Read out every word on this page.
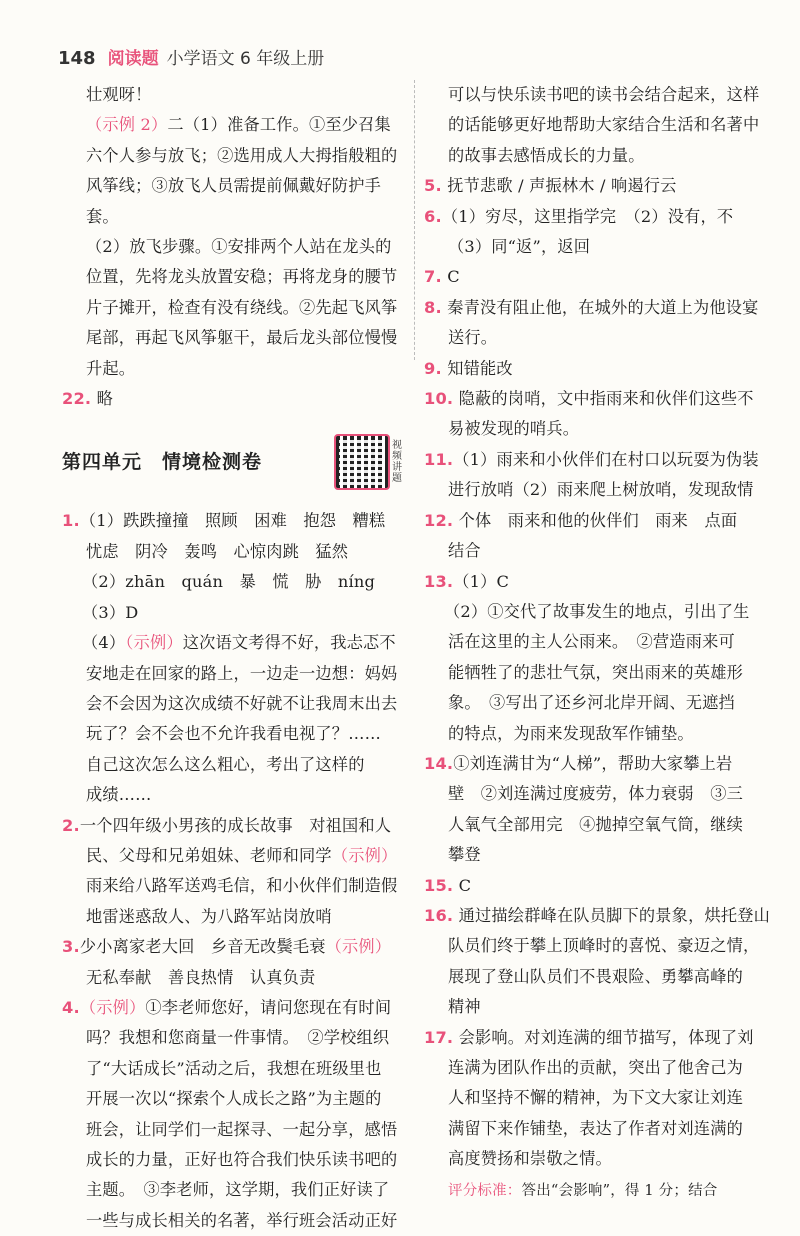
148 阅读题 小学语文 6 年级上册

壮观呀！

（示例 2）二（1）准备工作。①至少召集

六个人参与放飞；②选用成人大拇指般粗的

风筝线；③放飞人员需提前佩戴好防护手套。

（2）放飞步骤。①安排两个人站在龙头的

位置，先将龙头放置安稳；再将龙身的腰节

片子摊开，检查有没有绕线。②先起飞风筝

尾部，再起飞风筝躯干，最后龙头部位慢慢

升起。

22. 略

第四单元　情境检测卷
视频讲题

1.（1）跌跌撞撞　照顾　困难　抱怨　糟糕

忧虑　阴冷　轰鸣　心惊肉跳　猛然

（2）zhān　quán　暴　慌　胁　níng

（3）D

（4）（示例）这次语文考得不好，我忐忑不

安地走在回家的路上，一边走一边想：妈妈

会不会因为这次成绩不好就不让我周末出去

玩了？会不会也不允许我看电视了？……

自己这次怎么这么粗心，考出了这样的

成绩……

2.一个四年级小男孩的成长故事　对祖国和人

民、父母和兄弟姐妹、老师和同学（示例）

雨来给八路军送鸡毛信，和小伙伴们制造假

地雷迷惑敌人、为八路军站岗放哨

3.少小离家老大回　乡音无改鬓毛衰（示例）

无私奉献　善良热情　认真负责

4.（示例）①李老师您好，请问您现在有时间

吗？我想和您商量一件事情。　②学校组织

了“大话成长”活动之后，我想在班级里也

开展一次以“探索个人成长之路”为主题的

班会，让同学们一起探寻、一起分享，感悟

成长的力量，正好也符合我们快乐读书吧的

主题。　③李老师，这学期，我们正好读了

一些与成长相关的名著，举行班会活动正好

可以与快乐读书吧的读书会结合起来，这样

的话能够更好地帮助大家结合生活和名著中

的故事去感悟成长的力量。

5. 抚节悲歌 / 声振林木 / 响遏行云

6.（1）穷尽，这里指学完　（2）没有，不

（3）同“返”，返回

7. C

8. 秦青没有阻止他，在城外的大道上为他设宴

送行。

9. 知错能改

10. 隐蔽的岗哨，文中指雨来和伙伴们这些不

易被发现的哨兵。

11.（1）雨来和小伙伴们在村口以玩耍为伪装

进行放哨（2）雨来爬上树放哨，发现敌情

12. 个体　雨来和他的伙伴们　雨来　点面

结合

13.（1）C

（2）①交代了故事发生的地点，引出了生

活在这里的主人公雨来。　②营造雨来可

能牺牲了的悲壮气氛，突出雨来的英雄形

象。　③写出了还乡河北岸开阔、无遮挡

的特点，为雨来发现敌军作铺垫。

14.①刘连满甘为“人梯”，帮助大家攀上岩

壁　②刘连满过度疲劳，体力衰弱　③三

人氧气全部用完　④抛掉空氧气筒，继续

攀登

15. C

16. 通过描绘群峰在队员脚下的景象，烘托登山

队员们终于攀上顶峰时的喜悦、豪迈之情，

展现了登山队员们不畏艰险、勇攀高峰的

精神

17. 会影响。对刘连满的细节描写，体现了刘

连满为团队作出的贡献，突出了他舍己为

人和坚持不懈的精神，为下文大家让刘连

满留下来作铺垫，表达了作者对刘连满的

高度赞扬和崇敬之情。

评分标准：答出“会影响”，得 1 分；结合
